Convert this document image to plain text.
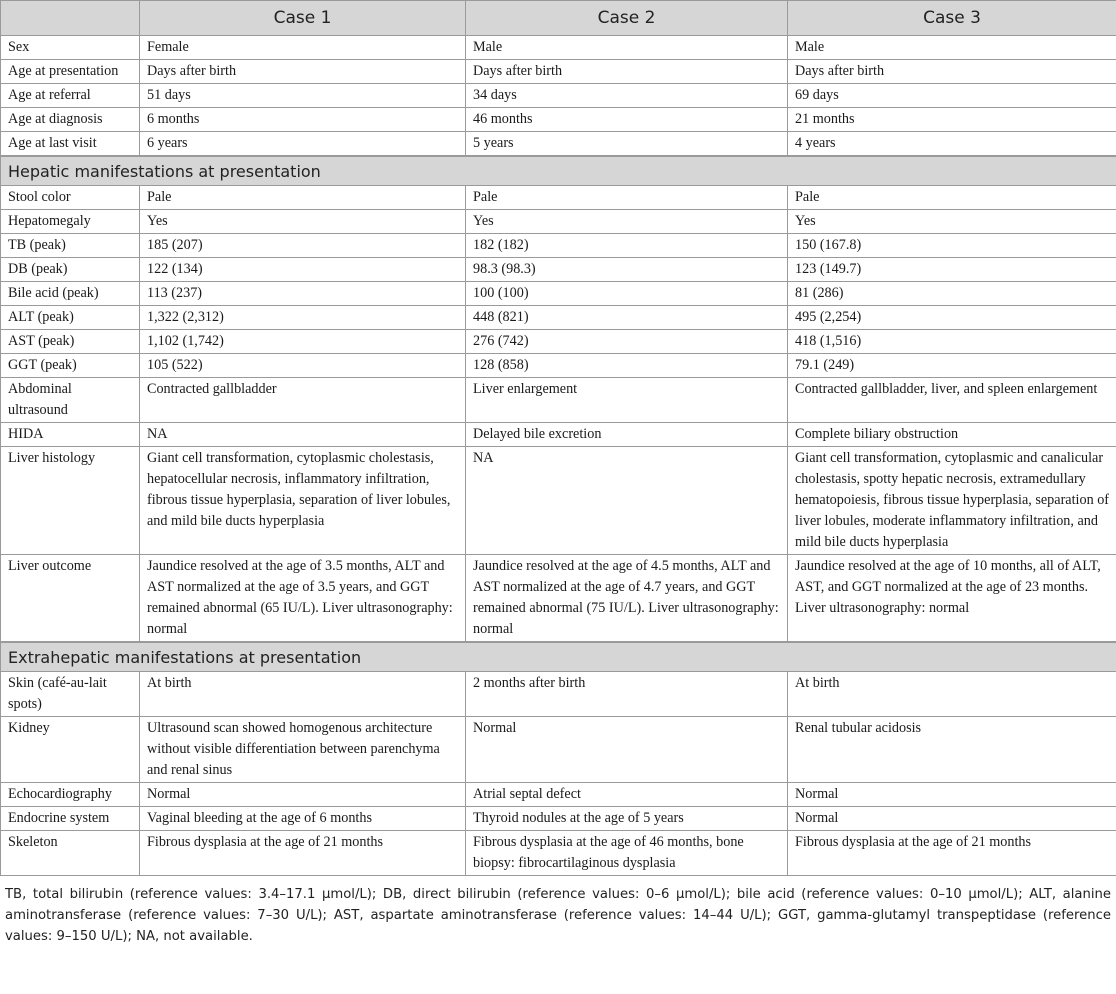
	Case 1	Case 2	Case 3
Sex	Female	Male	Male
Age at presentation	Days after birth	Days after birth	Days after birth
Age at referral	51 days	34 days	69 days
Age at diagnosis	6 months	46 months	21 months
Age at last visit	6 years	5 years	4 years
Hepatic manifestations at presentation			
Stool color	Pale	Pale	Pale
Hepatomegaly	Yes	Yes	Yes
TB (peak)	185 (207)	182 (182)	150 (167.8)
DB (peak)	122 (134)	98.3 (98.3)	123 (149.7)
Bile acid (peak)	113 (237)	100 (100)	81 (286)
ALT (peak)	1,322 (2,312)	448 (821)	495 (2,254)
AST (peak)	1,102 (1,742)	276 (742)	418 (1,516)
GGT (peak)	105 (522)	128 (858)	79.1 (249)
Abdominal ultrasound	Contracted gallbladder	Liver enlargement	Contracted gallbladder, liver, and spleen enlargement
HIDA	NA	Delayed bile excretion	Complete biliary obstruction
Liver histology	Giant cell transformation, cytoplasmic cholestasis, hepatocellular necrosis, inflammatory infiltration, fibrous tissue hyperplasia, separation of liver lobules, and mild bile ducts hyperplasia	NA	Giant cell transformation, cytoplasmic and canalicular cholestasis, spotty hepatic necrosis, extramedullary hematopoiesis, fibrous tissue hyperplasia, separation of liver lobules, moderate inflammatory infiltration, and mild bile ducts hyperplasia
Liver outcome	Jaundice resolved at the age of 3.5 months, ALT and AST normalized at the age of 3.5 years, and GGT remained abnormal (65 IU/L). Liver ultrasonography: normal	Jaundice resolved at the age of 4.5 months, ALT and AST normalized at the age of 4.7 years, and GGT remained abnormal (75 IU/L). Liver ultrasonography: normal	Jaundice resolved at the age of 10 months, all of ALT, AST, and GGT normalized at the age of 23 months. Liver ultrasonography: normal
Extrahepatic manifestations at presentation			
Skin (café-au-lait spots)	At birth	2 months after birth	At birth
Kidney	Ultrasound scan showed homogenous architecture without visible differentiation between parenchyma and renal sinus	Normal	Renal tubular acidosis
Echocardiography	Normal	Atrial septal defect	Normal
Endocrine system	Vaginal bleeding at the age of 6 months	Thyroid nodules at the age of 5 years	Normal
Skeleton	Fibrous dysplasia at the age of 21 months	Fibrous dysplasia at the age of 46 months, bone biopsy: fibrocartilaginous dysplasia	Fibrous dysplasia at the age of 21 months
TB, total bilirubin (reference values: 3.4–17.1 μmol/L); DB, direct bilirubin (reference values: 0–6 μmol/L); bile acid (reference values: 0–10 μmol/L); ALT, alanine aminotransferase (reference values: 7–30 U/L); AST, aspartate aminotransferase (reference values: 14–44 U/L); GGT, gamma-glutamyl transpeptidase (reference values: 9–150 U/L); NA, not available.
